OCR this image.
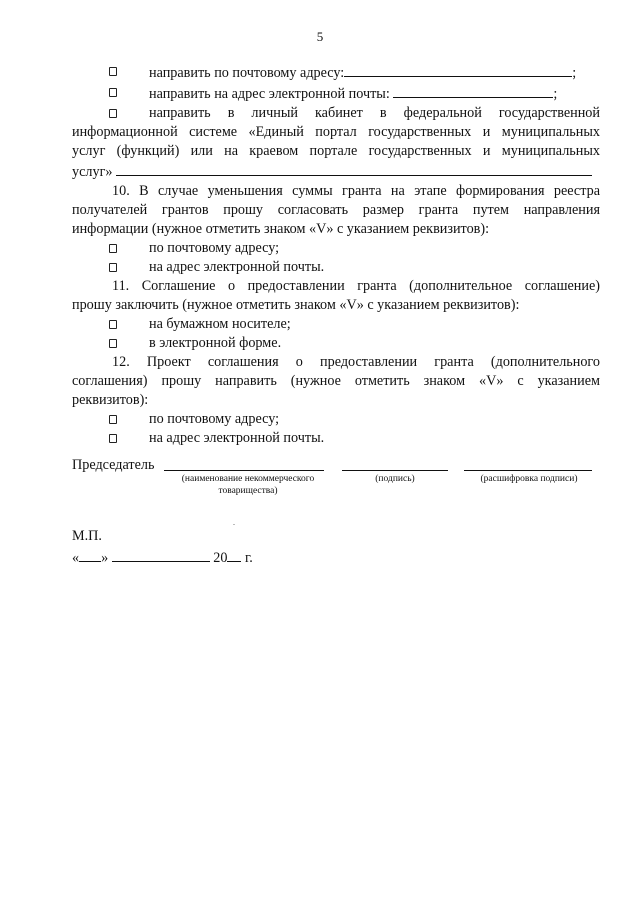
5
направить по почтовому адресу:	;
направить на адрес электронной почты:	;
направить в личный кабинет в федеральной государственной
информационной системе «Единый портал государственных и муниципальных
услуг (функций) или на краевом портале государственных и муниципальных
услуг»
10. В случае уменьшения суммы гранта на этапе формирования реестра
получателей грантов прошу согласовать размер гранта путем направления
информации (нужное отметить знаком «V» с указанием реквизитов):
по почтовому адресу;
на адрес электронной почты.
11. Соглашение о предоставлении гранта (дополнительное соглашение)
прошу заключить (нужное отметить знаком «V» с указанием реквизитов):
на бумажном носителе;
в электронной форме.
12. Проект соглашения о предоставлении гранта (дополнительного
соглашения) прошу направить (нужное отметить знаком «V» с указанием
реквизитов):
по почтовому адресу;
на адрес электронной почты.
Председатель
(наименование некоммерческого
товарищества)
(подпись)	(расшифровка подписи)
М.П.
« »	20 г.
